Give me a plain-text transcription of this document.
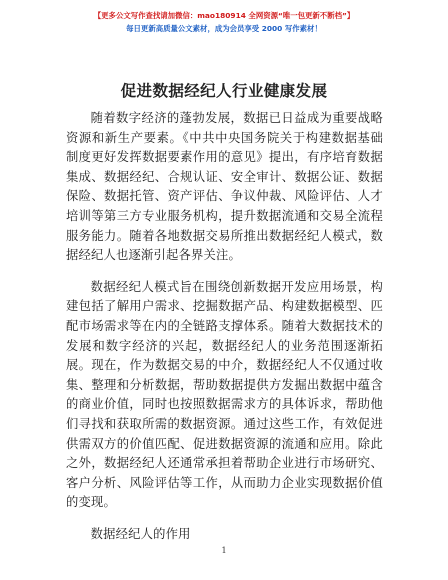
【更多公文写作查找请加微信：mao180914 全网资源“唯一包更新不断档”】
每日更新高质量公文素材，成为会员享受 2000 写作素材！
促进数据经纪人行业健康发展

随着数字经济的蓬勃发展，数据已日益成为重要战略资源和新生产要素。《中共中央国务院关于构建数据基础制度更好发挥数据要素作用的意见》提出，有序培育数据集成、数据经纪、合规认证、安全审计、数据公证、数据保险、数据托管、资产评估、争议仲裁、风险评估、人才培训等第三方专业服务机构，提升数据流通和交易全流程服务能力。随着各地数据交易所推出数据经纪人模式，数据经纪人也逐渐引起各界关注。

数据经纪人模式旨在围绕创新数据开发应用场景，构建包括了解用户需求、挖掘数据产品、构建数据模型、匹配市场需求等在内的全链路支撑体系。随着大数据技术的发展和数字经济的兴起，数据经纪人的业务范围逐渐拓展。现在，作为数据交易的中介，数据经纪人不仅通过收集、整理和分析数据，帮助数据提供方发掘出数据中蕴含的商业价值，同时也按照数据需求方的具体诉求，帮助他们寻找和获取所需的数据资源。通过这些工作，有效促进供需双方的价值匹配、促进数据资源的流通和应用。除此之外，数据经纪人还通常承担着帮助企业进行市场研究、客户分析、风险评估等工作，从而助力企业实现数据价值的变现。

数据经纪人的作用

1
